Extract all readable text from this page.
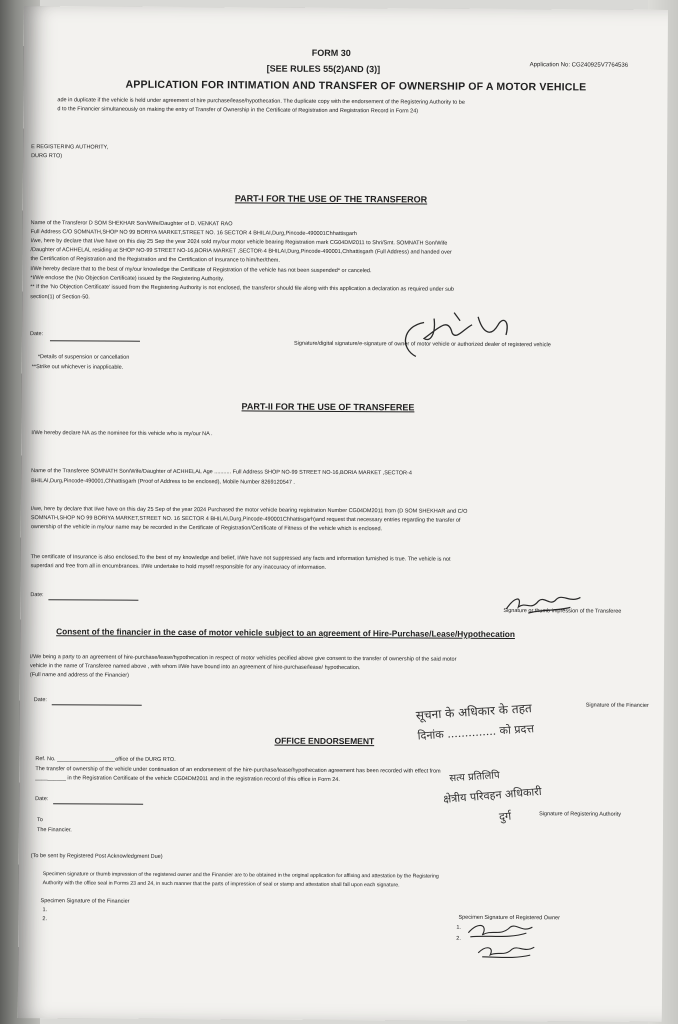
FORM 30
[SEE RULES 55(2)AND (3)]	Application No: CG240925V7764536
APPLICATION FOR INTIMATION AND TRANSFER OF OWNERSHIP OF A MOTOR VEHICLE
ade in duplicate if the vehicle is held under agreement of hire purchase/lease/hypothecation. The duplicate copy with the endorsement of the Registering Authority to be
d to the Financier simultaneously on making the entry of Transfer of Ownership in the Certificate of Registration and Registration Record in Form 24)
E REGISTERING AUTHORITY,
DURG RTO)
PART-I FOR THE USE OF THE TRANSFEROR
Name of the Transferor D SOM SHEKHAR Son/Wife/Daughter of D. VENKAT RAO
Full Address C/O SOMNATH,SHOP NO 99 BORIYA MARKET,STREET NO. 16 SECTOR 4 BHILAI,Durg,Pincode-490001Chhattisgarh
I/we, here by declare that I/we have on this day 25 Sep the year 2024 sold my/our motor vehicle bearing Registration mark CG04DM2011 to Shri/Smt. SOMNATH Son/Wife
/Daughter of ACHHELAL residing at SHOP NO-99 STREET NO-16,BORIA MARKET ,SECTOR-4 BHILAI,Durg,Pincode-490001,Chhattisgarh (Full Address) and handed over
the Certification of Registration and the Registration and the Certification of Insurance to him/her/them.
I/We hereby declare that to the best of my/our knowledge the Certificate of Registration of the vehicle has not been suspended* or canceled.
*I/We enclose the (No Objection Certificate) issued by the Registering Authority.
** If the 'No Objection Certificate' issued from the Registering Authority is not enclosed, the transferor should file along with this application a declaration as required under sub
section(1) of Section-50.
Date:
Signature/digital signature/e-signature of owner of motor vehicle or authorized dealer of registered vehicle
*Details of suspension or cancellation
**Strike out whichever is inapplicable.
PART-II FOR THE USE OF TRANSFEREE
I/We hereby declare NA as the nominee for this vehicle who is my/our NA .
Name of the Transferee SOMNATH Son/Wife/Daughter of ACHHELAL Age ........... Full Address SHOP NO-99 STREET NO-16,BORIA MARKET ,SECTOR-4
BHILAI,Durg,Pincode-490001,Chhattisgarh (Proof of Address to be enclosed), Mobile Number 8269120547 .
I/we, here by declare that I/we have on this day 25 Sep of the year 2024 Purchased the motor vehicle bearing registration Number CG04DM2011 from (D SOM SHEKHAR and C/O
SOMNATH,SHOP NO 99 BORIYA MARKET,STREET NO. 16 SECTOR 4 BHILAI,Durg,Pincode-490001Chhattisgarh)and request that necessary entries regarding the transfer of
ownership of the vehicle in my/our name may be recorded in the Certificate of Registration/Certificate of Fitness of the vehicle which is enclosed.
The certificate of Insurance is also enclosed.To the best of my knowledge and belief, I/We have not suppressed any facts and information furnished is true. The vehicle is not
superdari and free from all in encumbrances. I/We undertake to hold myself responsible for any inaccuracy of information.
Date:
Signature or thumb impression of the Transferee
Consent of the financier in the case of motor vehicle subject to an agreement of Hire-Purchase/Lease/Hypothecation
I/We being a party to an agreement of hire-purchase/lease/hypothecation in respect of motor vehicles pecified above give consent to the transfer of ownership of the said motor
vehicle in the name of Transferee named above , with whom I/We have bound into an agreement of hire-purchase/lease/ hypothecation.
(Full name and address of the Financier)
Date:
Signature of the Financier
OFFICE ENDORSEMENT
Ref. No. ___________________office of the DURG RTO.
The transfer of ownership of the vehicle under continuation of an endorsement of the hire-purchase/lease/hypothecation agreement has been recorded with effect from
__________ in the Registration Certificate of the vehicle CG04DM2011 and in the registration record of this office in Form 24.
Date:
To
The Financier.
Signature of Registering Authority
(To be sent by Registered Post Acknowledgment Due)
Specimen signature or thumb impression of the registered owner and the Financier are to be obtained in the original application for affixing and attestation by the Registering
Authority with the office seal in Forms 23 and 24, in such manner that the parts of impression of seal or stamp and attestation shall fall upon each signature.
Specimen Signature of the Financier
1.
2.	Specimen Signature of Registered Owner
1.
2.
सूचना के अधिकार के तहत
दिनांक .............. को प्रदत्त
सत्य प्रतिलिपि
क्षेत्रीय परिवहन अधिकारी
दुर्ग
